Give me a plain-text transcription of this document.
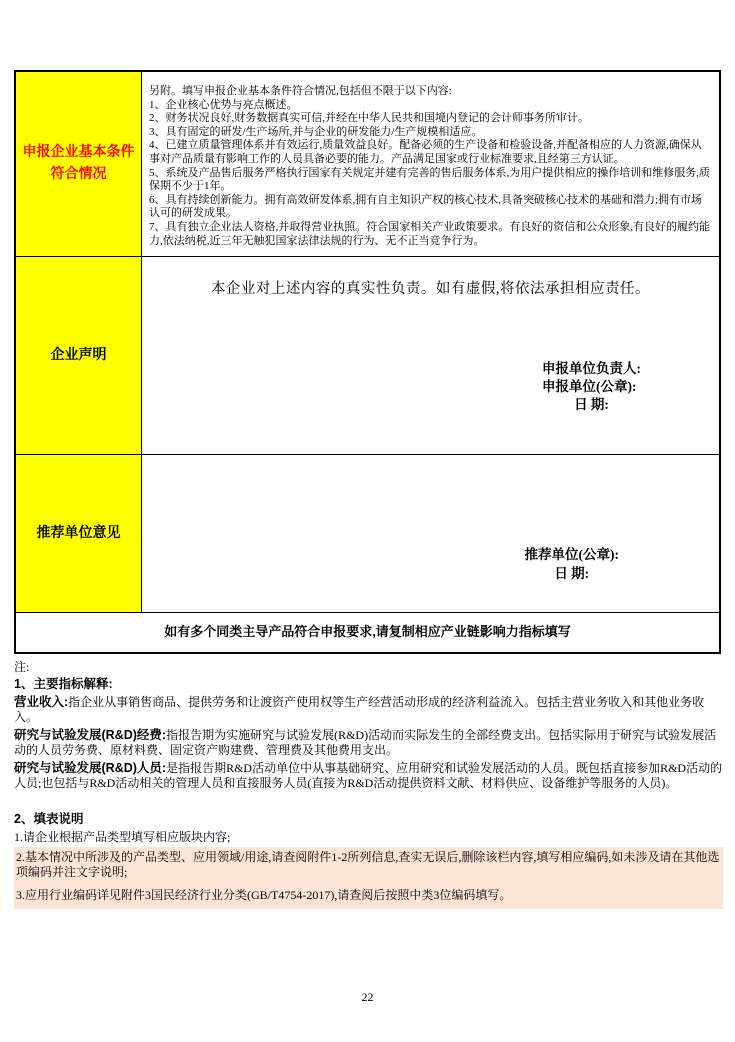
申报企业基本条件符合情况
另附。填写申报企业基本条件符合情况,包括但不限于以下内容:
1、企业核心优势与亮点概述。
2、财务状况良好,财务数据真实可信,并经在中华人民共和国境内登记的会计师事务所审计。
3、具有固定的研发/生产场所,并与企业的研发能力/生产规模相适应。
4、已建立质量管理体系并有效运行,质量效益良好。配备必须的生产设备和检验设备,并配备相应的人力资源,确保从事对产品质量有影响工作的人员具备必要的能力。产品满足国家或行业标准要求,且经第三方认证。
5、系统及产品售后服务严格执行国家有关规定并建有完善的售后服务体系,为用户提供相应的操作培训和维修服务,质保期不少于1年。
6、具有持续创新能力。拥有高效研发体系,拥有自主知识产权的核心技术,具备突破核心技术的基础和潜力;拥有市场认可的研发成果。
7、具有独立企业法人资格,并取得营业执照。符合国家相关产业政策要求。有良好的资信和公众形象,有良好的履约能力,依法纳税,近三年无触犯国家法律法规的行为、无不正当竞争行为。
企业声明
本企业对上述内容的真实性负责。如有虚假,将依法承担相应责任。
申报单位负责人:
申报单位(公章):
日 期:
推荐单位意见
推荐单位(公章):
日 期:
如有多个同类主导产品符合申报要求,请复制相应产业链影响力指标填写
注:
1、主要指标解释:
营业收入:指企业从事销售商品、提供劳务和让渡资产使用权等生产经营活动形成的经济利益流入。包括主营业务收入和其他业务收入。
研究与试验发展(R&D)经费:指报告期为实施研究与试验发展(R&D)活动而实际发生的全部经费支出。包括实际用于研究与试验发展活动的人员劳务费、原材料费、固定资产购建费、管理费及其他费用支出。
研究与试验发展(R&D)人员:是指报告期R&D活动单位中从事基础研究、应用研究和试验发展活动的人员。既包括直接参加R&D活动的人员;也包括与R&D活动相关的管理人员和直接服务人员(直接为R&D活动提供资料文献、材料供应、设备维护等服务的人员)。
2、填表说明
1.请企业根据产品类型填写相应版块内容;

2.基本情况中所涉及的产品类型、应用领域/用途,请查阅附件1-2所列信息,查实无误后,删除该栏内容,填写相应编码,如未涉及请在其他选项编码并注文字说明;

3.应用行业编码详见附件3国民经济行业分类(GB/T4754-2017),请查阅后按照中类3位编码填写。

22
